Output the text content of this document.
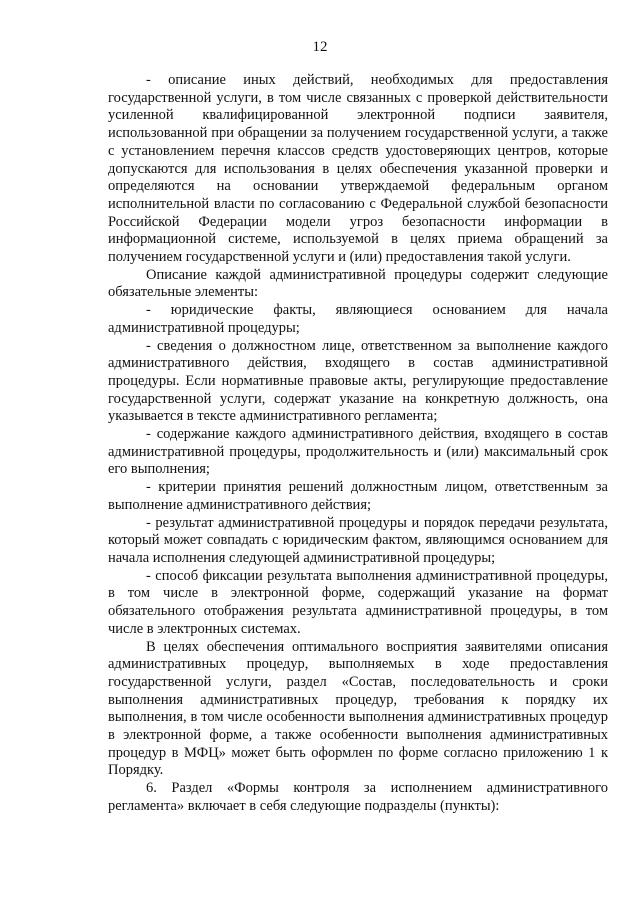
12

- описание иных действий, необходимых для предоставления государственной услуги, в том числе связанных с проверкой действительности усиленной квалифицированной электронной подписи заявителя, использованной при обращении за получением государственной услуги, а также с установлением перечня классов средств удостоверяющих центров, которые допускаются для использования в целях обеспечения указанной проверки и определяются на основании утверждаемой федеральным органом исполнительной власти по согласованию с Федеральной службой безопасности Российской Федерации модели угроз безопасности информации в информационной системе, используемой в целях приема обращений за получением государственной услуги и (или) предоставления такой услуги.

Описание каждой административной процедуры содержит следующие обязательные элементы:

- юридические факты, являющиеся основанием для начала административной процедуры;

- сведения о должностном лице, ответственном за выполнение каждого административного действия, входящего в состав административной процедуры. Если нормативные правовые акты, регулирующие предоставление государственной услуги, содержат указание на конкретную должность, она указывается в тексте административного регламента;

- содержание каждого административного действия, входящего в состав административной процедуры, продолжительность и (или) максимальный срок его выполнения;

- критерии принятия решений должностным лицом, ответственным за выполнение административного действия;

- результат административной процедуры и порядок передачи результата, который может совпадать с юридическим фактом, являющимся основанием для начала исполнения следующей административной процедуры;

- способ фиксации результата выполнения административной процедуры, в том числе в электронной форме, содержащий указание на формат обязательного отображения результата административной процедуры, в том числе в электронных системах.

В целях обеспечения оптимального восприятия заявителями описания административных процедур, выполняемых в ходе предоставления государственной услуги, раздел «Состав, последовательность и сроки выполнения административных процедур, требования к порядку их выполнения, в том числе особенности выполнения административных процедур в электронной форме, а также особенности выполнения административных процедур в МФЦ» может быть оформлен по форме согласно приложению 1 к Порядку.

6. Раздел «Формы контроля за исполнением административного регламента» включает в себя следующие подразделы (пункты):
